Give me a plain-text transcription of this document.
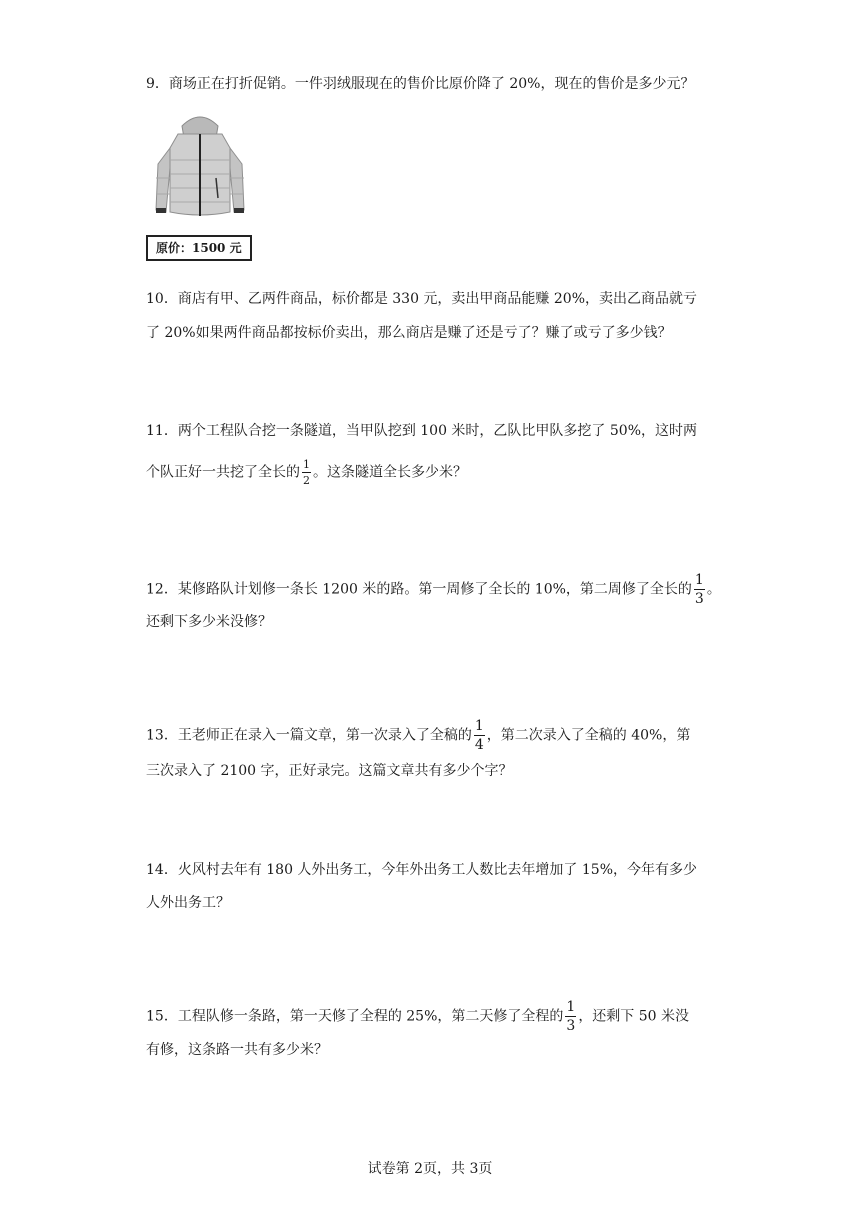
9．商场正在打折促销。一件羽绒服现在的售价比原价降了 20%，现在的售价是多少元？
原价：1500 元
10．商店有甲、乙两件商品，标价都是 330 元，卖出甲商品能赚 20%，卖出乙商品就亏
了 20%如果两件商品都按标价卖出，那么商店是赚了还是亏了？赚了或亏了多少钱？
11．两个工程队合挖一条隧道，当甲队挖到 100 米时，乙队比甲队多挖了 50%，这时两
个队正好一共挖了全长的 $\frac{1}{2}$ 。这条隧道全长多少米？
12．某修路队计划修一条长 1200 米的路。第一周修了全长的 10%，第二周修了全长的 $\frac{1}{3}$ 。
还剩下多少米没修？
13．王老师正在录入一篇文章，第一次录入了全稿的 $\frac{1}{4}$ ，第二次录入了全稿的 40%，第
三次录入了 2100 字，正好录完。这篇文章共有多少个字？
14．火风村去年有 180 人外出务工，今年外出务工人数比去年增加了 15%，今年有多少
人外出务工？
15．工程队修一条路，第一天修了全程的 25%，第二天修了全程的 $\frac{1}{3}$ ，还剩下 50 米没
有修，这条路一共有多少米？
试卷第 2页，共 3页
